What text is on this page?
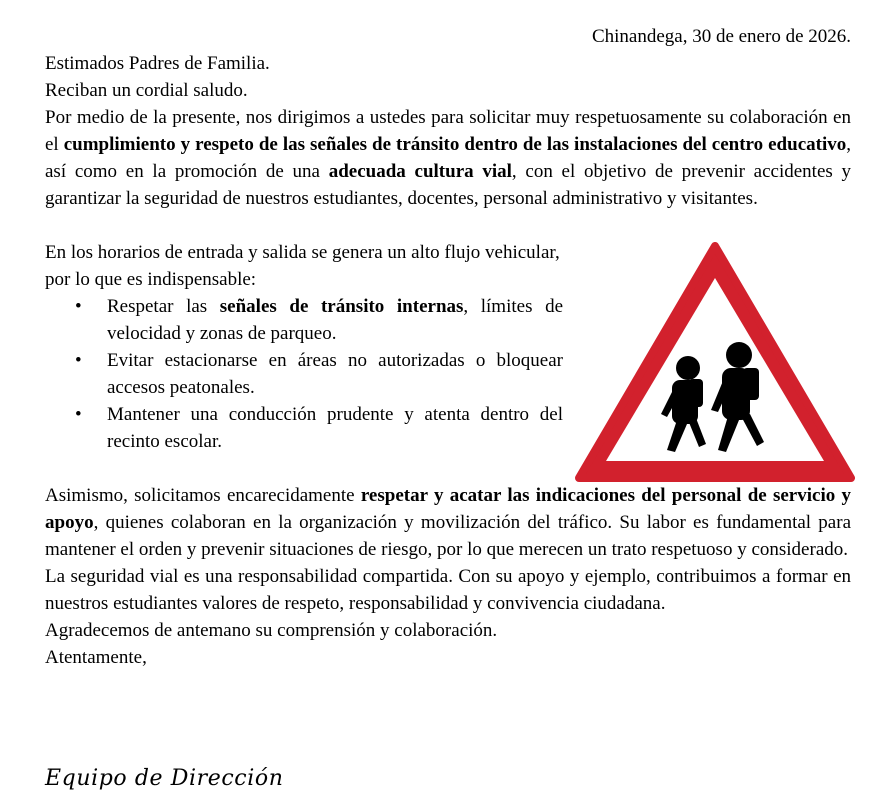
Chinandega, 30 de enero de 2026.

Estimados Padres de Familia.

Reciban un cordial saludo.

Por medio de la presente, nos dirigimos a ustedes para solicitar muy respetuosamente su colaboración en el cumplimiento y respeto de las señales de tránsito dentro de las instalaciones del centro educativo, así como en la promoción de una adecuada cultura vial, con el objetivo de prevenir accidentes y garantizar la seguridad de nuestros estudiantes, docentes, personal administrativo y visitantes.

En los horarios de entrada y salida se genera un alto flujo vehicular, por lo que es indispensable:

• Respetar las señales de tránsito internas, límites de velocidad y zonas de parqueo.
• Evitar estacionarse en áreas no autorizadas o bloquear accesos peatonales.
• Mantener una conducción prudente y atenta dentro del recinto escolar.

Asimismo, solicitamos encarecidamente respetar y acatar las indicaciones del personal de servicio y apoyo, quienes colaboran en la organización y movilización del tráfico. Su labor es fundamental para mantener el orden y prevenir situaciones de riesgo, por lo que merecen un trato respetuoso y considerado.

La seguridad vial es una responsabilidad compartida. Con su apoyo y ejemplo, contribuimos a formar en nuestros estudiantes valores de respeto, responsabilidad y convivencia ciudadana.

Agradecemos de antemano su comprensión y colaboración.

Atentamente,

Equipo de Dirección
